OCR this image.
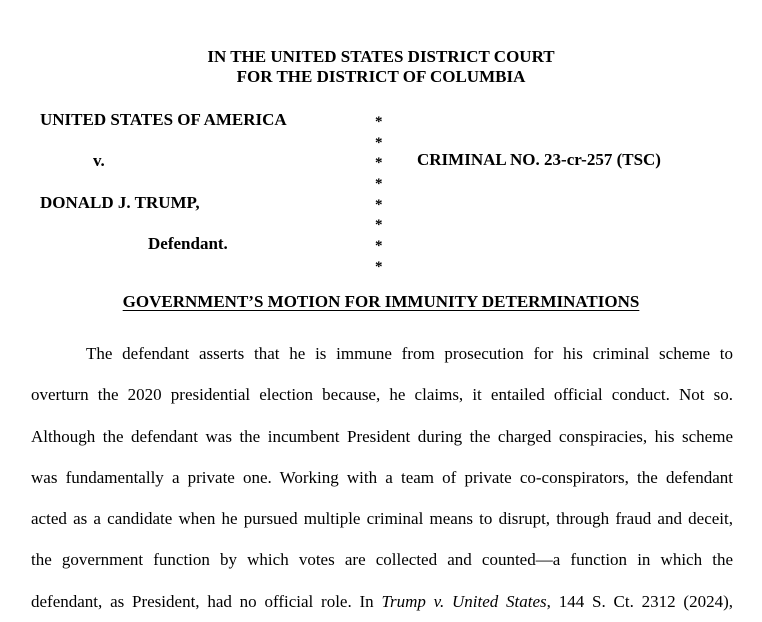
IN THE UNITED STATES DISTRICT COURT
FOR THE DISTRICT OF COLUMBIA
UNITED STATES OF AMERICA
v.
DONALD J. TRUMP,
Defendant.
*
*
*
*
*
*
*
*
CRIMINAL NO. 23-cr-257 (TSC)
GOVERNMENT’S MOTION FOR IMMUNITY DETERMINATIONS
The defendant asserts that he is immune from prosecution for his criminal scheme to
overturn the 2020 presidential election because, he claims, it entailed official conduct. Not so.
Although the defendant was the incumbent President during the charged conspiracies, his scheme
was fundamentally a private one. Working with a team of private co-conspirators, the defendant
acted as a candidate when he pursued multiple criminal means to disrupt, through fraud and deceit,
the government function by which votes are collected and counted—a function in which the
defendant, as President, had no official role. In Trump v. United States, 144 S. Ct. 2312 (2024),
